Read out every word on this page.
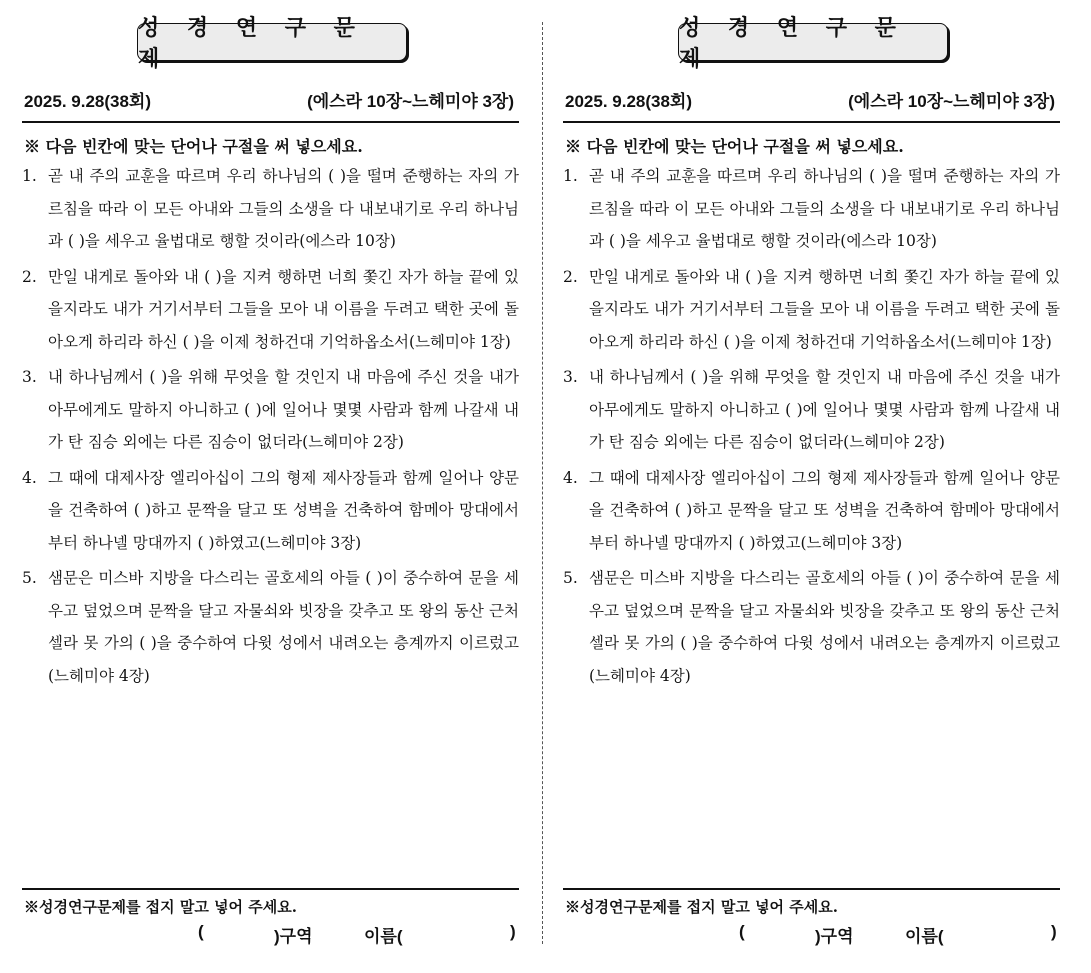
성 경 연 구 문 제
2025. 9.28(38회)	(에스라 10장~느헤미야 3장)
※ 다음 빈칸에 맞는 단어나 구절을 써 넣으세요.
1. 곧 내 주의 교훈을 따르며 우리 하나님의 ( )을 떨며 준행하는 자의 가르침을 따라 이 모든 아내와 그들의 소생을 다 내보내기로 우리 하나님과 ( )을 세우고 율법대로 행할 것이라(에스라 10장)
2. 만일 내게로 돌아와 내 ( )을 지켜 행하면 너희 쫓긴 자가 하늘 끝에 있을지라도 내가 거기서부터 그들을 모아 내 이름을 두려고 택한 곳에 돌아오게 하리라 하신 ( )을 이제 청하건대 기억하옵소서(느헤미야 1장)
3. 내 하나님께서 ( )을 위해 무엇을 할 것인지 내 마음에 주신 것을 내가 아무에게도 말하지 아니하고 ( )에 일어나 몇몇 사람과 함께 나갈새 내가 탄 짐승 외에는 다른 짐승이 없더라(느헤미야 2장)
4. 그 때에 대제사장 엘리아십이 그의 형제 제사장들과 함께 일어나 양문을 건축하여 ( )하고 문짝을 달고 또 성벽을 건축하여 함메아 망대에서부터 하나넬 망대까지 ( )하였고(느헤미야 3장)
5. 샘문은 미스바 지방을 다스리는 골호세의 아들 ( )이 중수하여 문을 세우고 덮었으며 문짝을 달고 자물쇠와 빗장을 갖추고 또 왕의 동산 근처 셀라 못 가의 ( )을 중수하여 다윗 성에서 내려오는 층계까지 이르렀고(느헤미야 4장)
※성경연구문제를 접지 말고 넣어 주세요.
(	)구역	이름(	)
성 경 연 구 문 제
2025. 9.28(38회)	(에스라 10장~느헤미야 3장)
※ 다음 빈칸에 맞는 단어나 구절을 써 넣으세요.
1. 곧 내 주의 교훈을 따르며 우리 하나님의 ( )을 떨며 준행하는 자의 가르침을 따라 이 모든 아내와 그들의 소생을 다 내보내기로 우리 하나님과 ( )을 세우고 율법대로 행할 것이라(에스라 10장)
2. 만일 내게로 돌아와 내 ( )을 지켜 행하면 너희 쫓긴 자가 하늘 끝에 있을지라도 내가 거기서부터 그들을 모아 내 이름을 두려고 택한 곳에 돌아오게 하리라 하신 ( )을 이제 청하건대 기억하옵소서(느헤미야 1장)
3. 내 하나님께서 ( )을 위해 무엇을 할 것인지 내 마음에 주신 것을 내가 아무에게도 말하지 아니하고 ( )에 일어나 몇몇 사람과 함께 나갈새 내가 탄 짐승 외에는 다른 짐승이 없더라(느헤미야 2장)
4. 그 때에 대제사장 엘리아십이 그의 형제 제사장들과 함께 일어나 양문을 건축하여 ( )하고 문짝을 달고 또 성벽을 건축하여 함메아 망대에서부터 하나넬 망대까지 ( )하였고(느헤미야 3장)
5. 샘문은 미스바 지방을 다스리는 골호세의 아들 ( )이 중수하여 문을 세우고 덮었으며 문짝을 달고 자물쇠와 빗장을 갖추고 또 왕의 동산 근처 셀라 못 가의 ( )을 중수하여 다윗 성에서 내려오는 층계까지 이르렀고(느헤미야 4장)
※성경연구문제를 접지 말고 넣어 주세요.
(	)구역	이름(	)
